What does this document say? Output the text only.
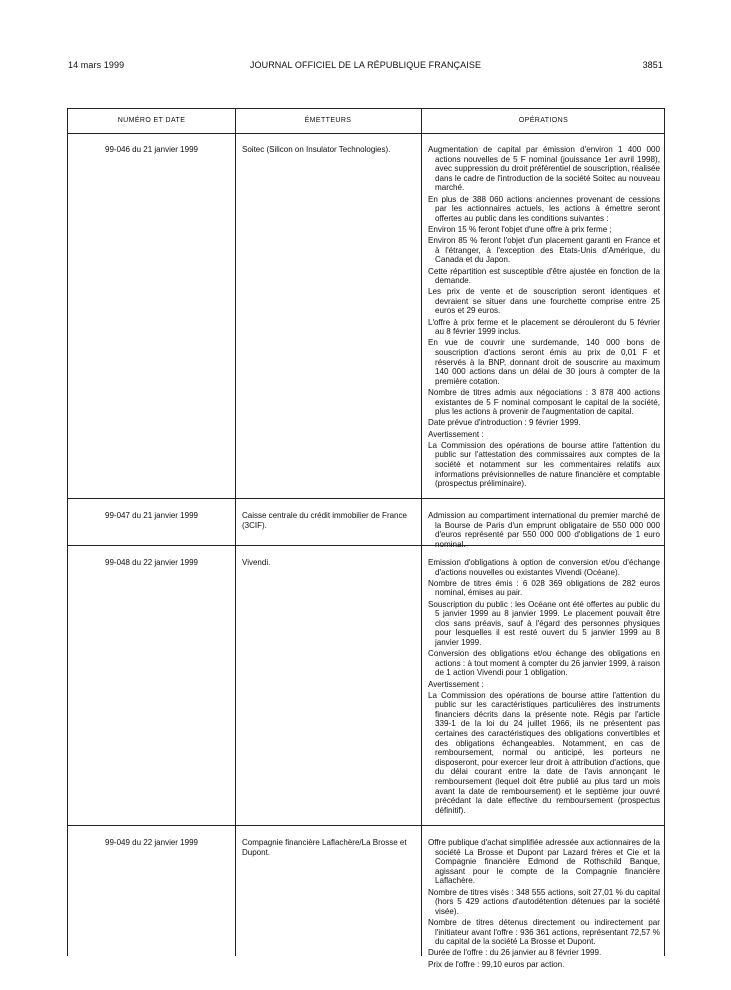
14 mars 1999	JOURNAL OFFICIEL DE LA RÉPUBLIQUE FRANÇAISE	3851
NUMÉRO ET DATE	ÉMETTEURS	OPÉRATIONS
99-046 du 21 janvier 1999	Soitec (Silicon on Insulator Technologies).	Augmentation de capital par émission d'environ 1 400 000 actions nouvelles de 5 F nominal (jouissance 1er avril 1998), avec suppression du droit préférentiel de souscription, réalisée dans le cadre de l'introduction de la société Soitec au nouveau marché.

En plus de 388 060 actions anciennes provenant de cessions par les actionnaires actuels, les actions à émettre seront offertes au public dans les conditions suivantes :

Environ 15 % feront l'objet d'une offre à prix ferme ;

Environ 85 % feront l'objet d'un placement garanti en France et à l'étranger, à l'exception des Etats-Unis d'Amérique, du Canada et du Japon.

Cette répartition est susceptible d'être ajustée en fonction de la demande.

Les prix de vente et de souscription seront identiques et devraient se situer dans une fourchette comprise entre 25 euros et 29 euros.

L'offre à prix ferme et le placement se dérouleront du 5 février au 8 février 1999 inclus.

En vue de couvrir une surdemande, 140 000 bons de souscription d'actions seront émis au prix de 0,01 F et réservés à la BNP, donnant droit de souscrire au maximum 140 000 actions dans un délai de 30 jours à compter de la première cotation.

Nombre de titres admis aux négociations : 3 878 400 actions existantes de 5 F nominal composant le capital de la société, plus les actions à provenir de l'augmentation de capital.

Date prévue d'introduction : 9 février 1999.

Avertissement :

La Commission des opérations de bourse attire l'attention du public sur l'attestation des commissaires aux comptes de la société et notamment sur les commentaires relatifs aux informations prévisionnelles de nature financière et comptable (prospectus préliminaire).

99-047 du 21 janvier 1999	Caisse centrale du crédit immobilier de France (3CIF).

Admission au compartiment international du premier marché de la Bourse de Paris d'un emprunt obligataire de 550 000 000 d'euros représenté par 550 000 000 d'obligations de 1 euro nominal.

99-048 du 22 janvier 1999	Vivendi.	Emission d'obligations à option de conversion et/ou d'échange d'actions nouvelles ou existantes Vivendi (Océane).

Nombre de titres émis : 6 028 369 obligations de 282 euros nominal, émises au pair.

Souscription du public : les Océane ont été offertes au public du 5 janvier 1999 au 8 janvier 1999. Le placement pouvait être clos sans préavis, sauf à l'égard des personnes physiques pour lesquelles il est resté ouvert du 5 janvier 1999 au 8 janvier 1999.

Conversion des obligations et/ou échange des obligations en actions : à tout moment à compter du 26 janvier 1999, à raison de 1 action Vivendi pour 1 obligation.

Avertissement :

La Commission des opérations de bourse attire l'attention du public sur les caractéristiques particulières des instruments financiers décrits dans la présente note. Régis par l'article 339-1 de la loi du 24 juillet 1966, ils ne présentent pas certaines des caractéristiques des obligations convertibles et des obligations échangeables. Notamment, en cas de remboursement, normal ou anticipé, les porteurs ne disposeront, pour exercer leur droit à attribution d'actions, que du délai courant entre la date de l'avis annonçant le remboursement (lequel doit être publié au plus tard un mois avant la date de remboursement) et le septième jour ouvré précédant la date effective du remboursement (prospectus définitif).

99-049 du 22 janvier 1999	Compagnie financière Laflachère/La Brosse et Dupont.

Offre publique d'achat simplifiée adressée aux actionnaires de la société La Brosse et Dupont par Lazard frères et Cie et la Compagnie financière Edmond de Rothschild Banque, agissant pour le compte de la Compagnie financière Laflachère.

Nombre de titres visés : 348 555 actions, soit 27,01 % du capital (hors 5 429 actions d'autodétention détenues par la société visée).

Nombre de titres détenus directement ou indirectement par l'initiateur avant l'offre : 936 361 actions, représentant 72,57 % du capital de la société La Brosse et Dupont.

Durée de l'offre : du 26 janvier au 8 février 1999.

Prix de l'offre : 99,10 euros par action.
